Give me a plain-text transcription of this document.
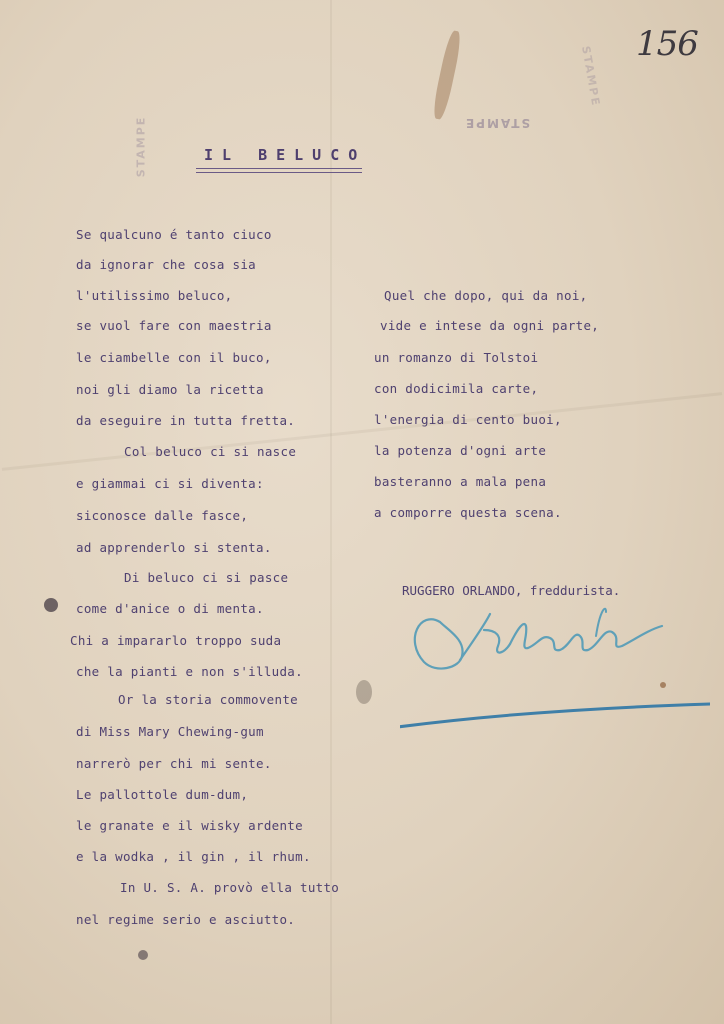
156
STAMPE
STAMPE
STAMPE
IL BELUCO
Se qualcuno é tanto ciuco
da ignorar che cosa sia
l'utilissimo beluco,
se vuol fare con maestria
le ciambelle con il buco,
noi gli diamo la ricetta
da eseguire in tutta fretta.
Col beluco ci si nasce
e giammai ci si diventa:
siconosce dalle fasce,
ad apprenderlo si stenta.
Di beluco ci si pasce
come d'anice o di menta.
Chi a impararlo troppo suda
che la pianti e non s'illuda.
Or la storia commovente
di Miss Mary Chewing-gum
narrerò per chi mi sente.
Le pallottole dum-dum,
le granate e il wisky ardente
e la wodka , il gin , il rhum.
In U. S. A. provò ella tutto
nel regime serio e asciutto.
Quel che dopo, qui da noi,
vide e intese da ogni parte,
un romanzo di Tolstoi
con dodicimila carte,
l'energia di cento buoi,
la potenza d'ogni arte
basteranno a mala pena
a comporre questa scena.
RUGGERO ORLANDO, freddurista.
